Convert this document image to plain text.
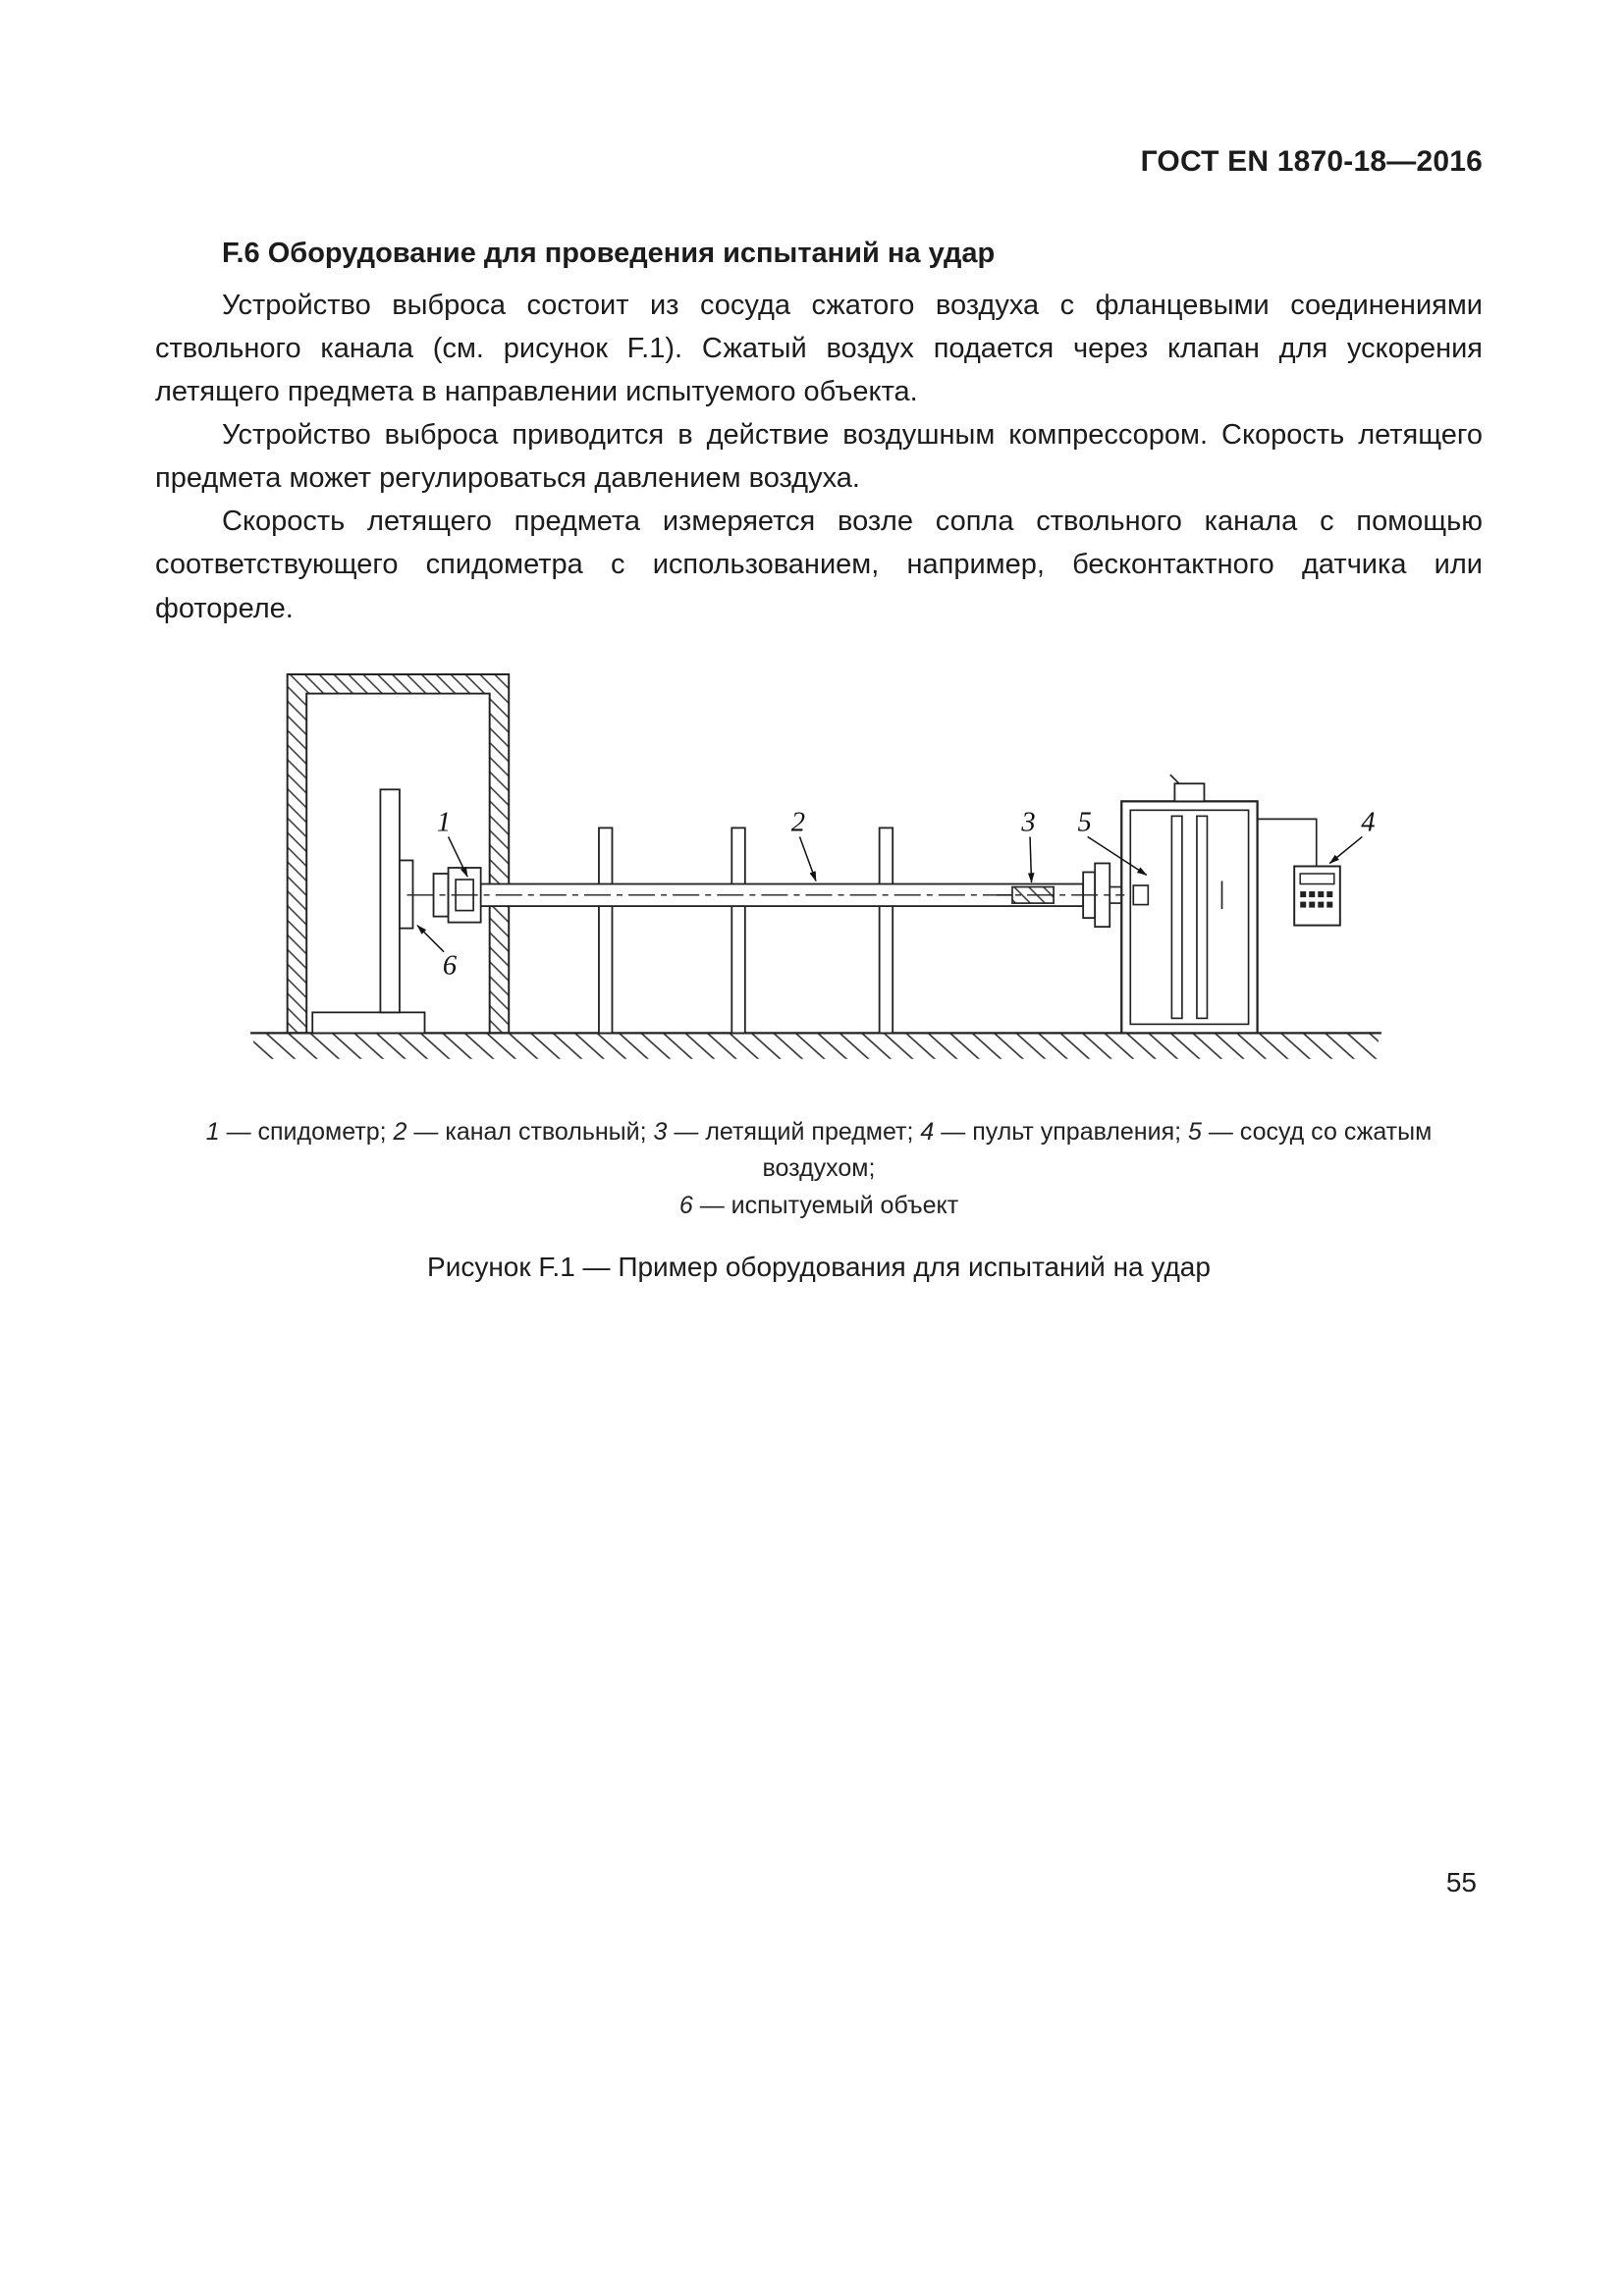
ГОСТ EN 1870-18—2016
F.6 Оборудование для проведения испытаний на удар

Устройство выброса состоит из сосуда сжатого воздуха с фланцевыми соединениями ствольного канала (см. рисунок F.1). Сжатый воздух подается через клапан для ускорения летящего предмета в направлении испытуемого объекта.

Устройство выброса приводится в действие воздушным компрессором. Скорость летящего предмета может регулироваться давлением воздуха.

Скорость летящего предмета измеряется возле сопла ствольного канала с помощью соответствующего спидометра с использованием, например, бесконтактного датчика или фотореле.

1	2	3 5	4
6
1 — спидометр; 2 — канал ствольный; 3 — летящий предмет; 4 — пульт управления; 5 — сосуд со сжатым воздухом;
6 — испытуемый объект
Рисунок F.1 — Пример оборудования для испытаний на удар
55
